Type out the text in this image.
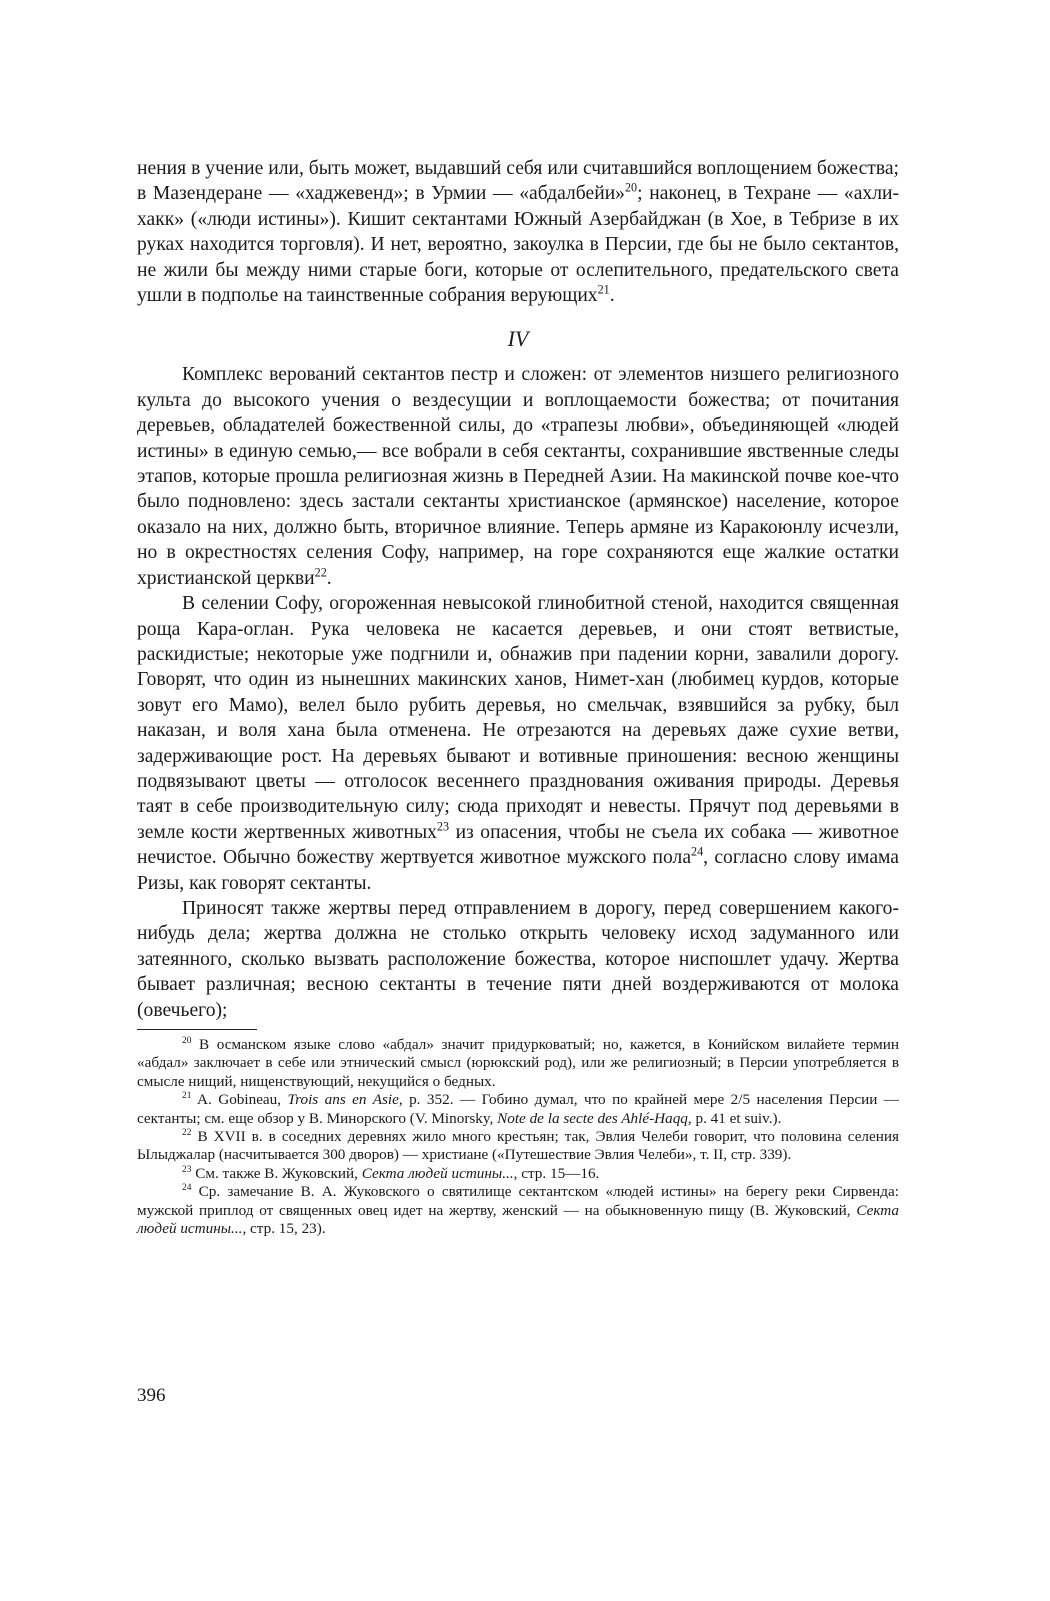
нения в учение или, быть может, выдавший себя или считавшийся воплощением божества; в Мазендеране — «хаджевенд»; в Урмии — «абдалбейи»$^{20}$; наконец, в Техране — «ахли-хакк» («люди истины»). Кишит сектантами Южный Азербайджан (в Хое, в Тебризе в их руках находится торговля). И нет, вероятно, закоулка в Персии, где бы не было сектантов, не жили бы между ними старые боги, которые от ослепительного, предательского света ушли в подполье на таинственные собрания верующих$^{21}$.

IV

Комплекс верований сектантов пестр и сложен: от элементов низшего религиозного культа до высокого учения о вездесущии и воплощаемости божества; от почитания деревьев, обладателей божественной силы, до «трапезы любви», объединяющей «людей истины» в единую семью,— все вобрали в себя сектанты, сохранившие явственные следы этапов, которые прошла религиозная жизнь в Передней Азии. На макинской почве кое-что было подновлено: здесь застали сектанты христианское (армянское) население, которое оказало на них, должно быть, вторичное влияние. Теперь армяне из Каракоюнлу исчезли, но в окрестностях селения Софу, например, на горе сохраняются еще жалкие остатки христианской церкви$^{22}$.

В селении Софу, огороженная невысокой глинобитной стеной, находится священная роща Кара-оглан. Рука человека не касается деревьев, и они стоят ветвистые, раскидистые; некоторые уже подгнили и, обнажив при падении корни, завалили дорогу. Говорят, что один из нынешних макинских ханов, Нимет-хан (любимец курдов, которые зовут его Мамо), велел было рубить деревья, но смельчак, взявшийся за рубку, был наказан, и воля хана была отменена. Не отрезаются на деревьях даже сухие ветви, задерживающие рост. На деревьях бывают и вотивные приношения: весною женщины подвязывают цветы — отголосок весеннего празднования оживания природы. Деревья таят в себе производительную силу; сюда приходят и невесты. Прячут под деревьями в земле кости жертвенных животных$^{23}$ из опасения, чтобы не съела их собака — животное нечистое. Обычно божеству жертвуется животное мужского пола$^{24}$, согласно слову имама Ризы, как говорят сектанты.

Приносят также жертвы перед отправлением в дорогу, перед совершением какого-нибудь дела; жертва должна не столько открыть человеку исход задуманного или затеянного, сколько вызвать расположение божества, которое ниспошлет удачу. Жертва бывает различная; весною сектанты в течение пяти дней воздерживаются от молока (овечьего);

$^{20}$ В османском языке слово «абдал» значит придурковатый; но, кажется, в Конийском вилайете термин «абдал» заключает в себе или этнический смысл (юрюкский род), или же религиозный; в Персии употребляется в смысле нищий, нищенствующий, некущийся о бедных.

$^{21}$ A. Gobineau, Trois ans en Asie, p. 352. — Гобино думал, что по крайней мере 2/5 населения Персии — сектанты; см. еще обзор у В. Минорского (V. Minorsky, Note de la secte des Ahlé-Haqq, p. 41 et suiv.).

$^{22}$ В XVII в. в соседних деревнях жило много крестьян; так, Эвлия Челеби говорит, что половина селения Ылыджалар (насчитывается 300 дворов) — христиане («Путешествие Эвлия Челеби», т. II, стр. 339).

$^{23}$ См. также В. Жуковский, Секта людей истины..., стр. 15—16.

$^{24}$ Ср. замечание В. А. Жуковского о святилище сектантском «людей истины» на берегу реки Сирвенда: мужской приплод от священных овец идет на жертву, женский — на обыкновенную пищу (В. Жуковский, Секта людей истины..., стр. 15, 23).

396
